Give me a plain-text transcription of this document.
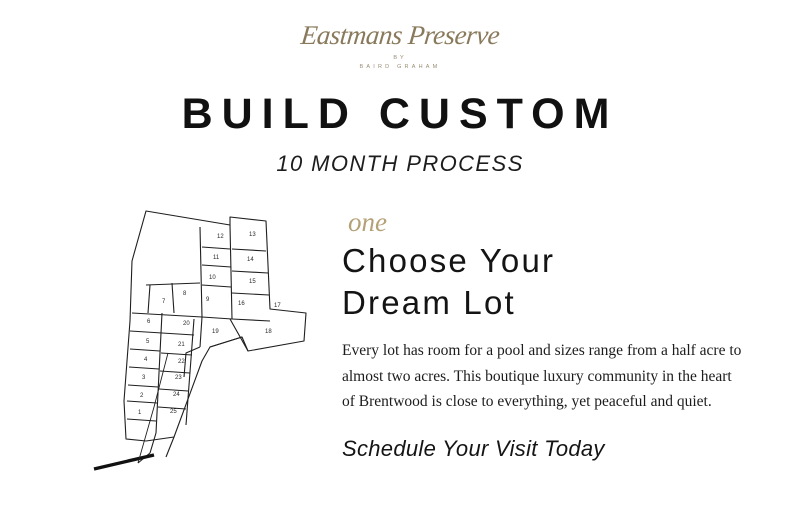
Eastmans Preserve
BY
BAIRD GRAHAM
BUILD CUSTOM
10 MONTH PROCESS
12	13
11	14
10
15
9
8
7	16	17
6	20
19	18
5	21
4	22
3	23
2	24
1	25
one
Choose Your
Dream Lot

Every lot has room for a pool and sizes range from a half acre to almost two acres. This boutique luxury community in the heart of Brentwood is close to everything, yet peaceful and quiet.

Schedule Your Visit Today
